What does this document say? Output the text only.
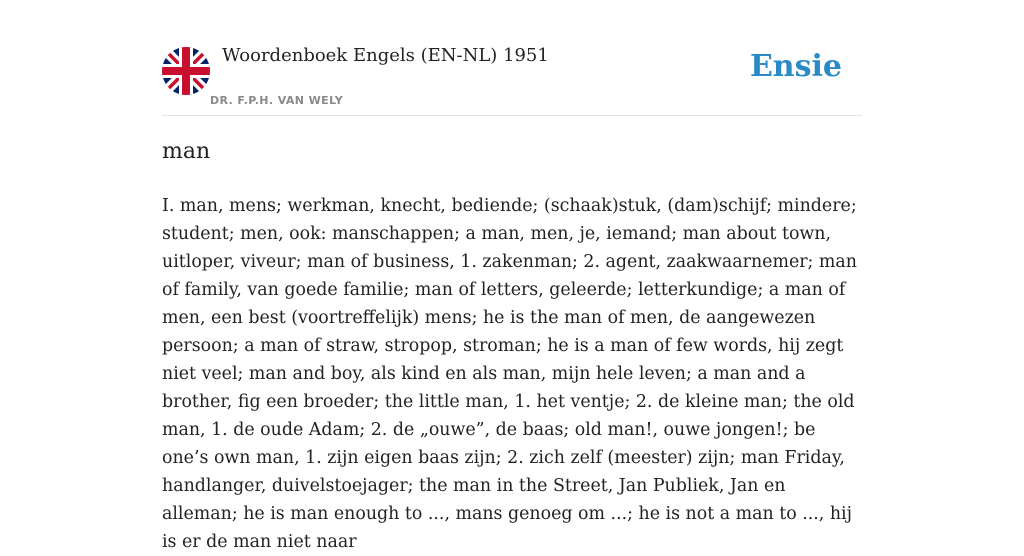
Woordenboek Engels (EN-NL) 1951
DR. F.P.H. VAN WELY
Ensie
man

I. man, mens; werkman, knecht, bediende; (schaak)stuk, (dam)schijf; mindere; student; men, ook: manschappen; a man, men, je, iemand; man about town, uitloper, viveur; man of business, 1. zakenman; 2. agent, zaakwaarnemer; man of family, van goede familie; man of letters, geleerde; letterkundige; a man of men, een best (voortreffelijk) mens; he is the man of men, de aangewezen persoon; a man of straw, stropop, stroman; he is a man of few words, hij zegt niet veel; man and boy, als kind en als man, mijn hele leven; a man and a brother, fig een broeder; the little man, 1. het ventje; 2. de kleine man; the old man, 1. de oude Adam; 2. de „ouwe”, de baas; old man!, ouwe jongen!; be one’s own man, 1. zijn eigen baas zijn; 2. zich zelf (meester) zijn; man Friday, handlanger, duivelstoejager; the man in the Street, Jan Publiek, Jan en alleman; he is man enough to ..., mans genoeg om ...; he is not a man to ..., hij is er de man niet naar
